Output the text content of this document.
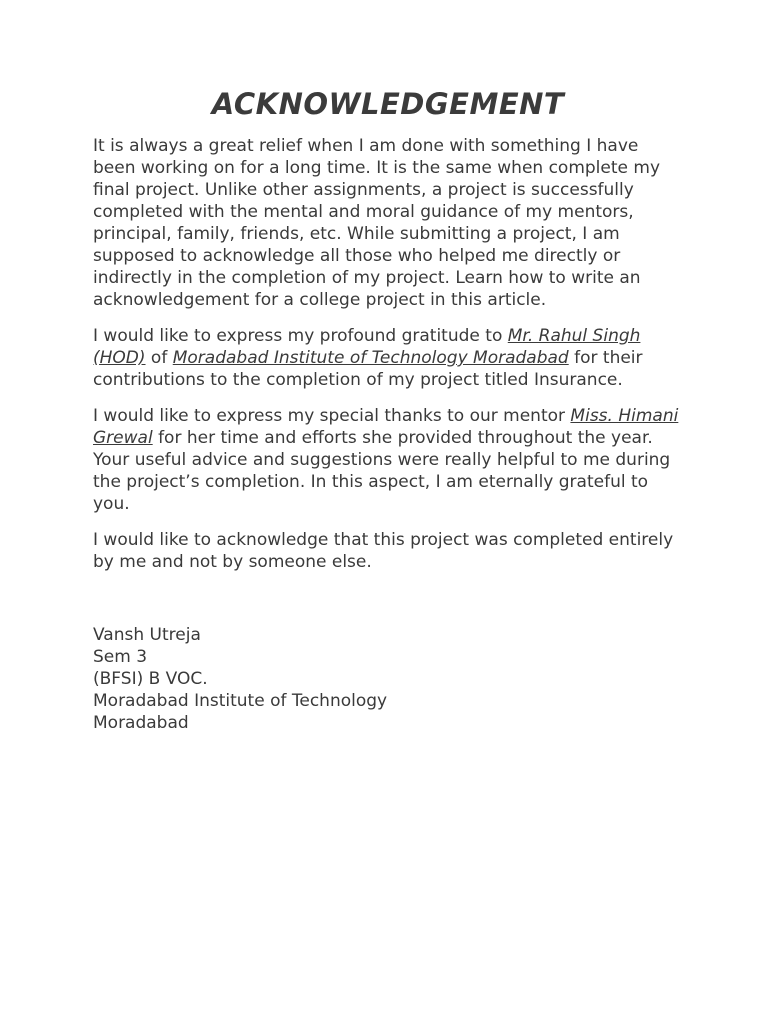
ACKNOWLEDGEMENT

It is always a great relief when I am done with something I have been working on for a long time. It is the same when complete my final project. Unlike other assignments, a project is successfully completed with the mental and moral guidance of my mentors, principal, family, friends, etc. While submitting a project, I am supposed to acknowledge all those who helped me directly or indirectly in the completion of my project. Learn how to write an acknowledgement for a college project in this article.

I would like to express my profound gratitude to Mr. Rahul Singh (HOD) of Moradabad Institute of Technology Moradabad for their contributions to the completion of my project titled Insurance.

I would like to express my special thanks to our mentor Miss. Himani Grewal for her time and efforts she provided throughout the year. Your useful advice and suggestions were really helpful to me during the project’s completion. In this aspect, I am eternally grateful to you.

I would like to acknowledge that this project was completed entirely by me and not by someone else.

Vansh Utreja
Sem 3
(BFSI) B VOC.
Moradabad Institute of Technology
Moradabad
